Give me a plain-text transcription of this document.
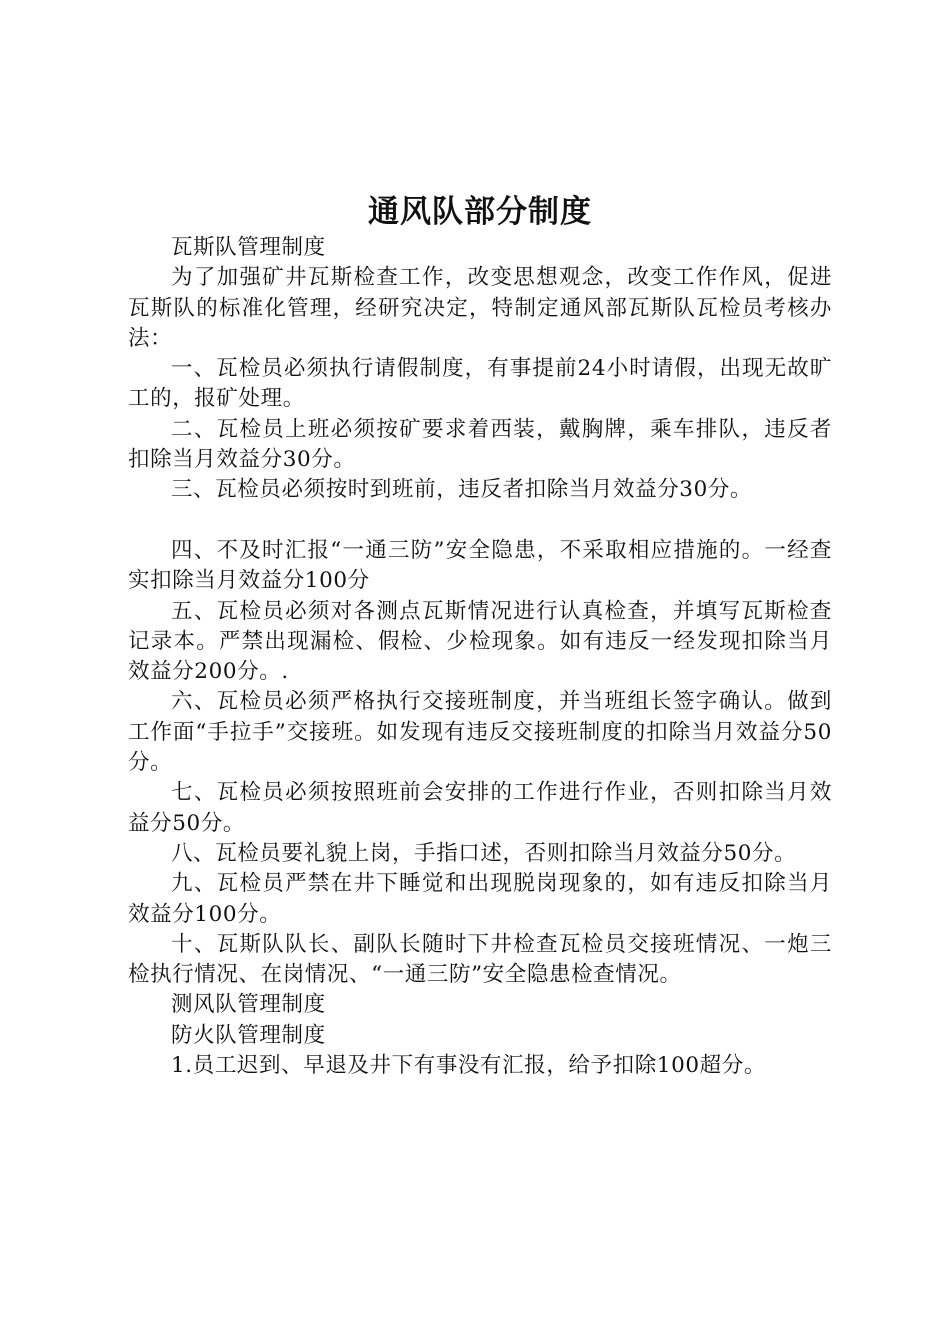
通风队部分制度

瓦斯队管理制度

为了加强矿井瓦斯检查工作，改变思想观念，改变工作作风，促进瓦斯队的标准化管理，经研究决定，特制定通风部瓦斯队瓦检员考核办法：

一、瓦检员必须执行请假制度，有事提前24小时请假，出现无故旷工的，报矿处理。

二、瓦检员上班必须按矿要求着西装，戴胸牌，乘车排队，违反者扣除当月效益分30分。

三、瓦检员必须按时到班前，违反者扣除当月效益分30分。

四、不及时汇报“一通三防”安全隐患，不采取相应措施的。一经查实扣除当月效益分100分

五、瓦检员必须对各测点瓦斯情况进行认真检查，并填写瓦斯检查记录本。严禁出现漏检、假检、少检现象。如有违反一经发现扣除当月效益分200分。.

六、瓦检员必须严格执行交接班制度，并当班组长签字确认。做到工作面“手拉手”交接班。如发现有违反交接班制度的扣除当月效益分50分。

七、瓦检员必须按照班前会安排的工作进行作业，否则扣除当月效益分50分。

八、瓦检员要礼貌上岗，手指口述，否则扣除当月效益分50分。

九、瓦检员严禁在井下睡觉和出现脱岗现象的，如有违反扣除当月效益分100分。

十、瓦斯队队长、副队长随时下井检查瓦检员交接班情况、一炮三检执行情况、在岗情况、“一通三防”安全隐患检查情况。

测风队管理制度

防火队管理制度

1.员工迟到、早退及井下有事没有汇报，给予扣除100超分。
